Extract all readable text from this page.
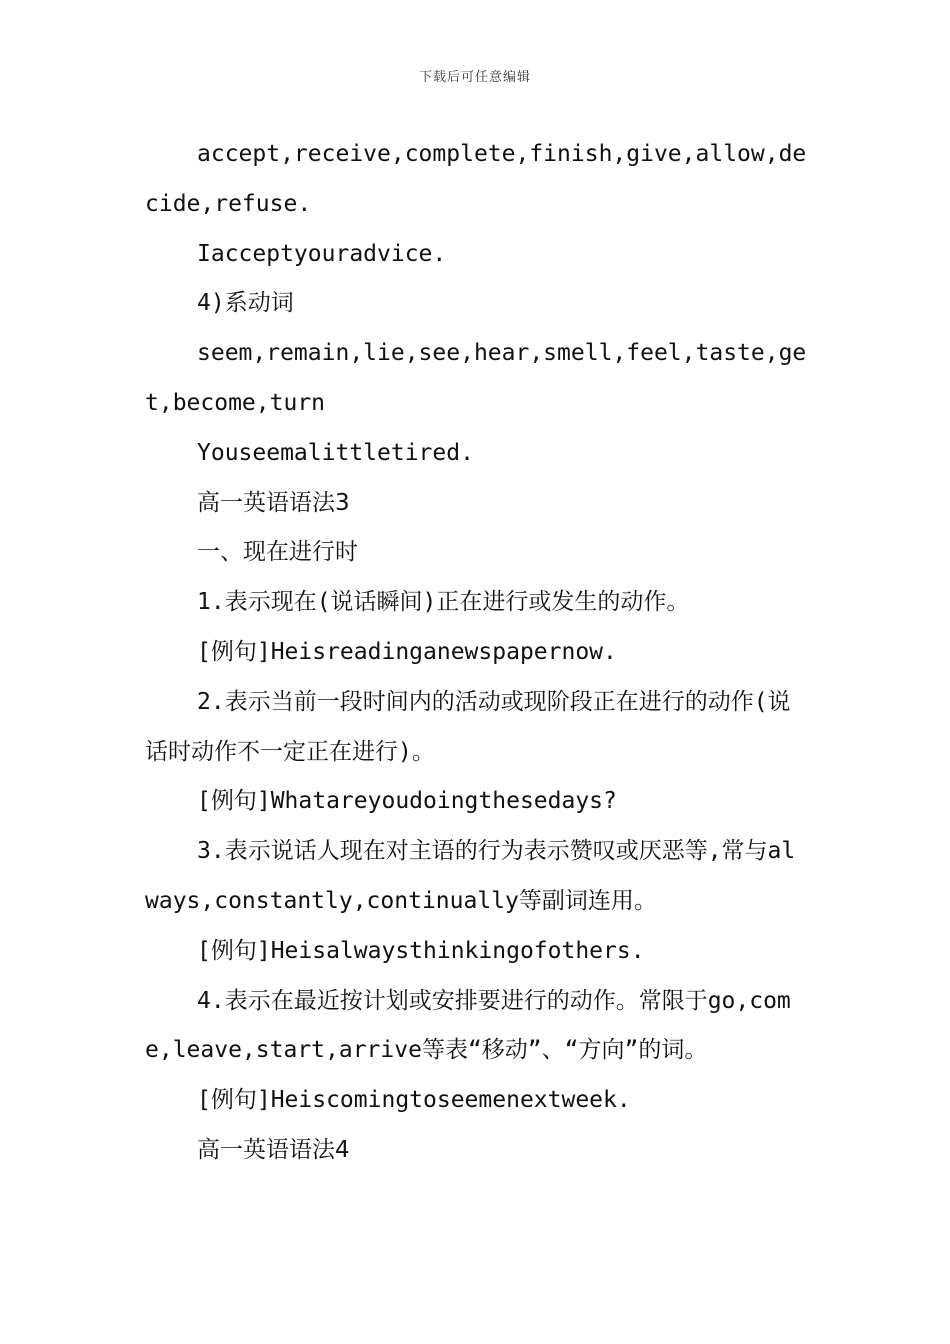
下载后可任意编辑

accept,receive,complete,finish,give,allow,decide,refuse.

Iacceptyouradvice.

4)系动词

seem,remain,lie,see,hear,smell,feel,taste,get,become,turn

Youseemalittletired.

高一英语语法3

一、现在进行时

1.表示现在(说话瞬间)正在进行或发生的动作。

[例句]Heisreadinganewspapernow.

2.表示当前一段时间内的活动或现阶段正在进行的动作(说话时动作不一定正在进行)。

[例句]Whatareyoudoingthesedays?

3.表示说话人现在对主语的行为表示赞叹或厌恶等,常与always,constantly,continually等副词连用。

[例句]Heisalwaysthinkingofothers.

4.表示在最近按计划或安排要进行的动作。常限于go,come,leave,start,arrive等表“移动”、“方向”的词。

[例句]Heiscomingtoseemenextweek.

高一英语语法4
